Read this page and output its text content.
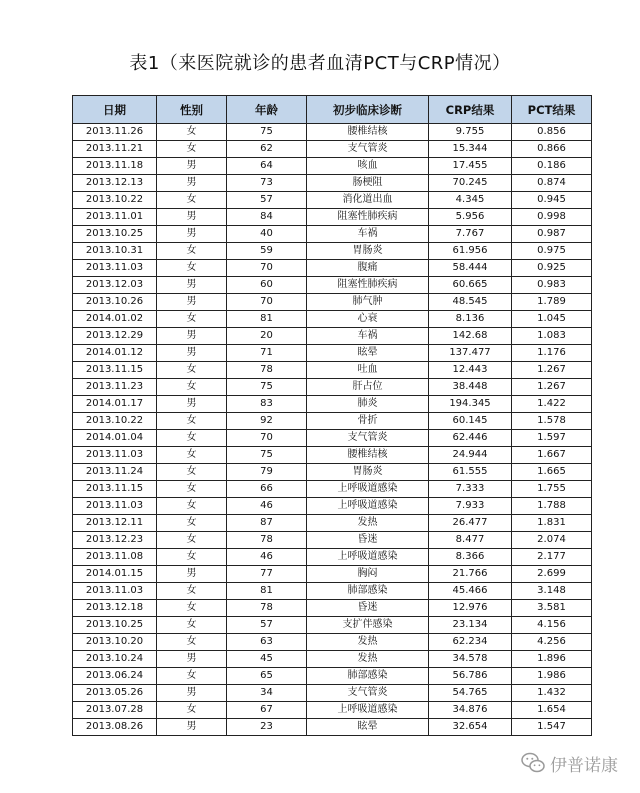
表1（来医院就诊的患者血清PCT与CRP情况）
日期	性别	年龄	初步临床诊断	CRP结果	PCT结果
2013.11.26	女	75	腰椎结核	9.755	0.856
2013.11.21	女	62	支气管炎	15.344	0.866
2013.11.18	男	64	咳血	17.455	0.186
2013.12.13	男	73	肠梗阻	70.245	0.874
2013.10.22	女	57	消化道出血	4.345	0.945
2013.11.01	男	84	阻塞性肺疾病	5.956	0.998
2013.10.25	男	40	车祸	7.767	0.987
2013.10.31	女	59	胃肠炎	61.956	0.975
2013.11.03	女	70	腹痛	58.444	0.925
2013.12.03	男	60	阻塞性肺疾病	60.665	0.983
2013.10.26	男	70	肺气肿	48.545	1.789
2014.01.02	女	81	心衰	8.136	1.045
2013.12.29	男	20	车祸	142.68	1.083
2014.01.12	男	71	眩晕	137.477	1.176
2013.11.15	女	78	吐血	12.443	1.267
2013.11.23	女	75	肝占位	38.448	1.267
2014.01.17	男	83	肺炎	194.345	1.422
2013.10.22	女	92	骨折	60.145	1.578
2014.01.04	女	70	支气管炎	62.446	1.597
2013.11.03	女	75	腰椎结核	24.944	1.667
2013.11.24	女	79	胃肠炎	61.555	1.665
2013.11.15	女	66	上呼吸道感染	7.333	1.755
2013.11.03	女	46	上呼吸道感染	7.933	1.788
2013.12.11	女	87	发热	26.477	1.831
2013.12.23	女	78	昏迷	8.477	2.074
2013.11.08	女	46	上呼吸道感染	8.366	2.177
2014.01.15	男	77	胸闷	21.766	2.699
2013.11.03	女	81	肺部感染	45.466	3.148
2013.12.18	女	78	昏迷	12.976	3.581
2013.10.25	女	57	支扩伴感染	23.134	4.156
2013.10.20	女	63	发热	62.234	4.256
2013.10.24	男	45	发热	34.578	1.896
2013.06.24	女	65	肺部感染	56.786	1.986
2013.05.26	男	34	支气管炎	54.765	1.432
2013.07.28	女	67	上呼吸道感染	34.876	1.654
2013.08.26	男	23	眩晕	32.654	1.547
伊普诺康
